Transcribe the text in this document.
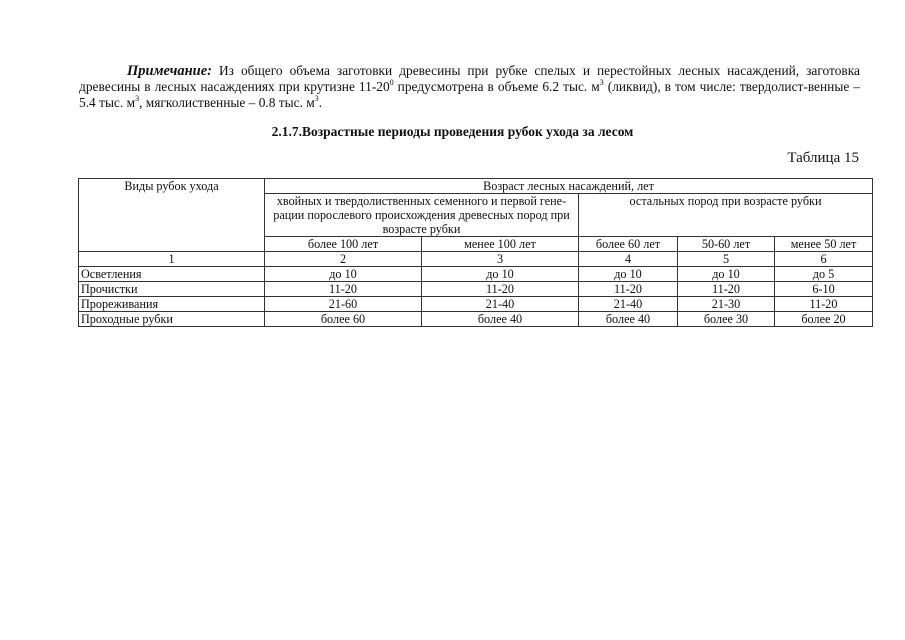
Примечание: Из общего объема заготовки древесины при рубке спелых и перестойных лесных насаждений, заготовка древесины в лесных насаждениях при крутизне $11-20^0$ предусмотрена в объеме 6.2 тыс. $м^3$ (ликвид), в том числе: твердолист-венные – 5.4 тыс. $м^3$, мягколиственные – 0.8 тыс. $м^3$.
2.1.7.Возрастные периоды проведения рубок ухода за лесом
Таблица 15
Виды рубок ухода	Возраст лесных насаждений, лет				
	хвойных и твердолиственных семенного и первой гене-рации порослевого происхождения древесных пород при возрасте рубки		остальных пород при возрасте рубки		
	более 100 лет	менее 100 лет	более 60 лет	50-60 лет	менее 50 лет
1	2	3	4	5	6
Осветления	до 10	до 10	до 10	до 10	до 5
Прочистки	11-20	11-20	11-20	11-20	6-10
Прореживания	21-60	21-40	21-40	21-30	11-20
Проходные рубки	более 60	более 40	более 40	более 30	более 20
